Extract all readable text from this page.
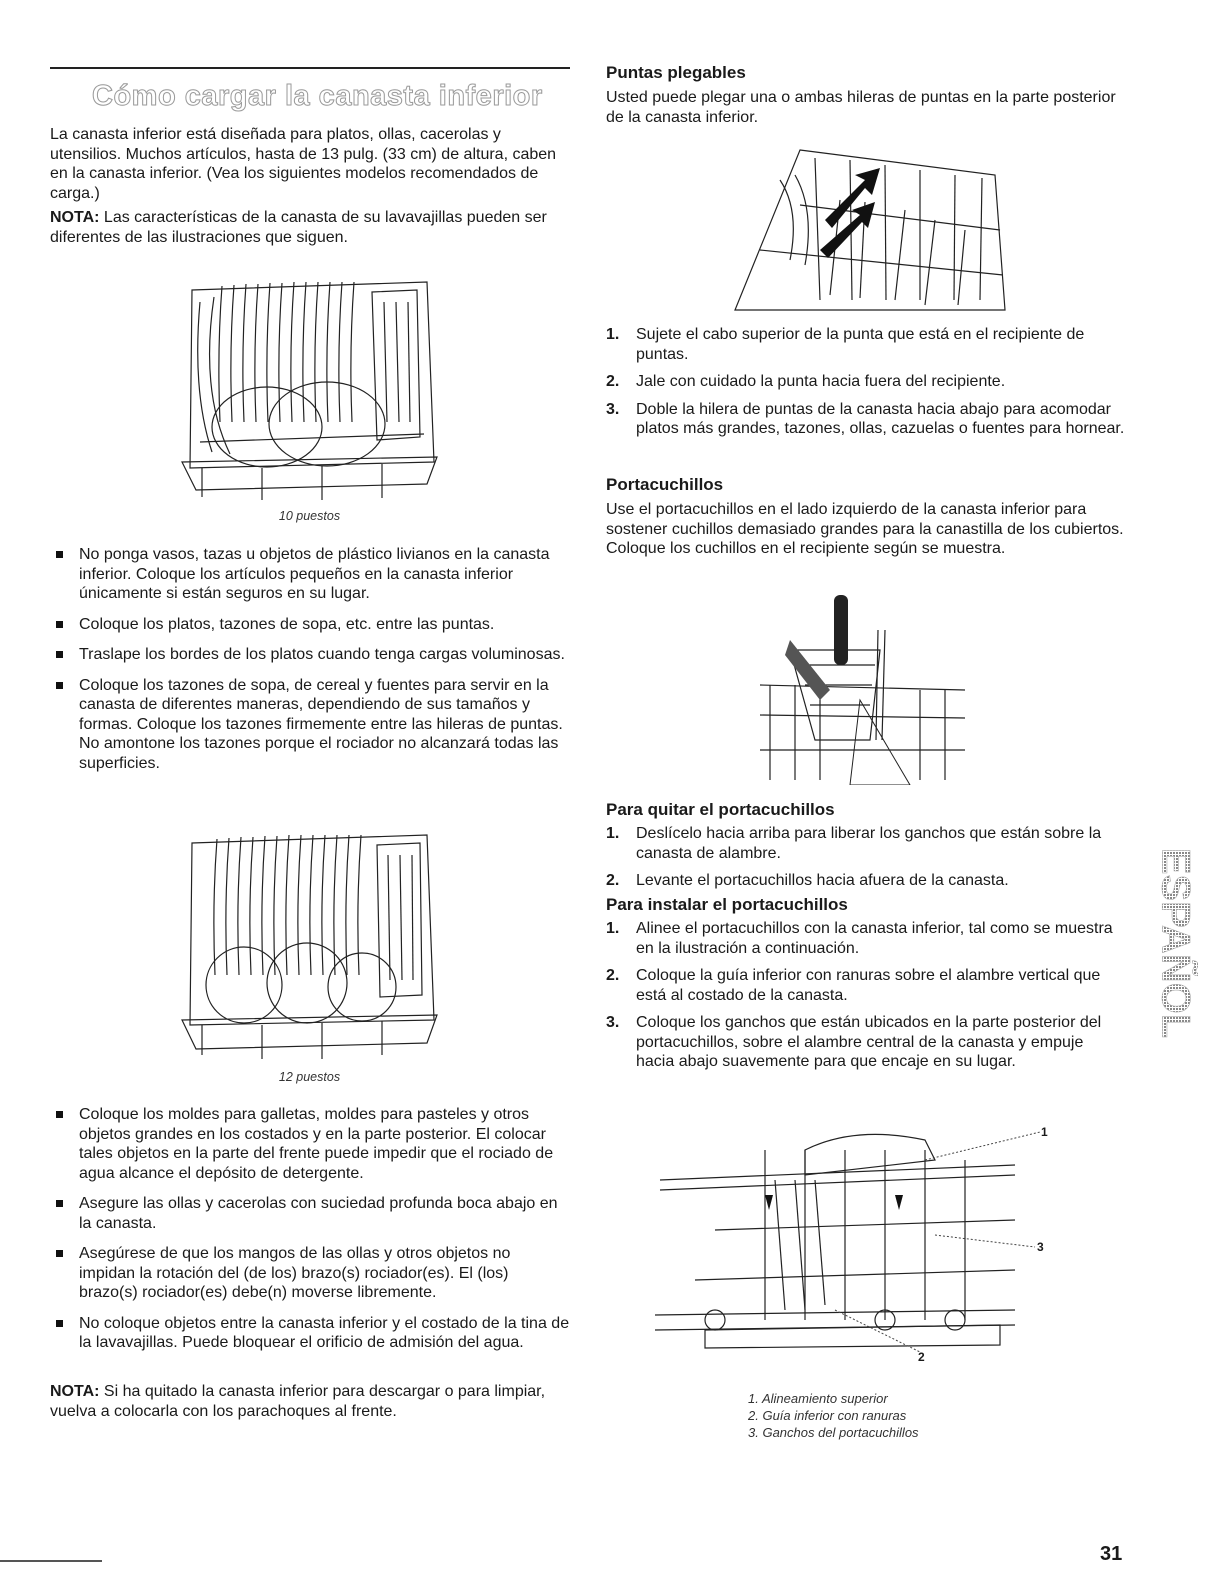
Cómo cargar la canasta inferior

La canasta inferior está diseñada para platos, ollas, cacerolas y utensilios. Muchos artículos, hasta de 13 pulg. (33 cm) de altura, caben en la canasta inferior. (Vea los siguientes modelos recomendados de carga.)

NOTA: Las características de la canasta de su lavavajillas pueden ser diferentes de las ilustraciones que siguen.

10 puestos
No ponga vasos, tazas u objetos de plástico livianos en la canasta inferior. Coloque los artículos pequeños en la canasta inferior únicamente si están seguros en su lugar.
Coloque los platos, tazones de sopa, etc. entre las puntas.
Traslape los bordes de los platos cuando tenga cargas voluminosas.
Coloque los tazones de sopa, de cereal y fuentes para servir en la canasta de diferentes maneras, dependiendo de sus tamaños y formas. Coloque los tazones firmemente entre las hileras de puntas. No amontone los tazones porque el rociador no alcanzará todas las superficies.
12 puestos
Coloque los moldes para galletas, moldes para pasteles y otros objetos grandes en los costados y en la parte posterior. El colocar tales objetos en la parte del frente puede impedir que el rociado de agua alcance el depósito de detergente.
Asegure las ollas y cacerolas con suciedad profunda boca abajo en la canasta.
Asegúrese de que los mangos de las ollas y otros objetos no impidan la rotación del (de los) brazo(s) rociador(es). El (los) brazo(s) rociador(es) debe(n) moverse libremente.
No coloque objetos entre la canasta inferior y el costado de la tina de la lavavajillas. Puede bloquear el orificio de admisión del agua.

NOTA: Si ha quitado la canasta inferior para descargar o para limpiar, vuelva a colocarla con los parachoques al frente.

Puntas plegables

Usted puede plegar una o ambas hileras de puntas en la parte posterior de la canasta inferior.

1. Sujete el cabo superior de la punta que está en el recipiente de puntas.
2. Jale con cuidado la punta hacia fuera del recipiente.
3. Doble la hilera de puntas de la canasta hacia abajo para acomodar platos más grandes, tazones, ollas, cazuelas o fuentes para hornear.
Portacuchillos

Use el portacuchillos en el lado izquierdo de la canasta inferior para sostener cuchillos demasiado grandes para la canastilla de los cubiertos. Coloque los cuchillos en el recipiente según se muestra.

Para quitar el portacuchillos
1. Deslícelo hacia arriba para liberar los ganchos que están sobre la canasta de alambre.
2. Levante el portacuchillos hacia afuera de la canasta.
Para instalar el portacuchillos
1. Alinee el portacuchillos con la canasta inferior, tal como se muestra en la ilustración a continuación.
2. Coloque la guía inferior con ranuras sobre el alambre vertical que está al costado de la canasta.
3. Coloque los ganchos que están ubicados en la parte posterior del portacuchillos, sobre el alambre central de la canasta y empuje hacia abajo suavemente para que encaje en su lugar.
1
3
2
1. Alineamiento superior
2. Guía inferior con ranuras
3. Ganchos del portacuchillos
ESPAÑOL
31
